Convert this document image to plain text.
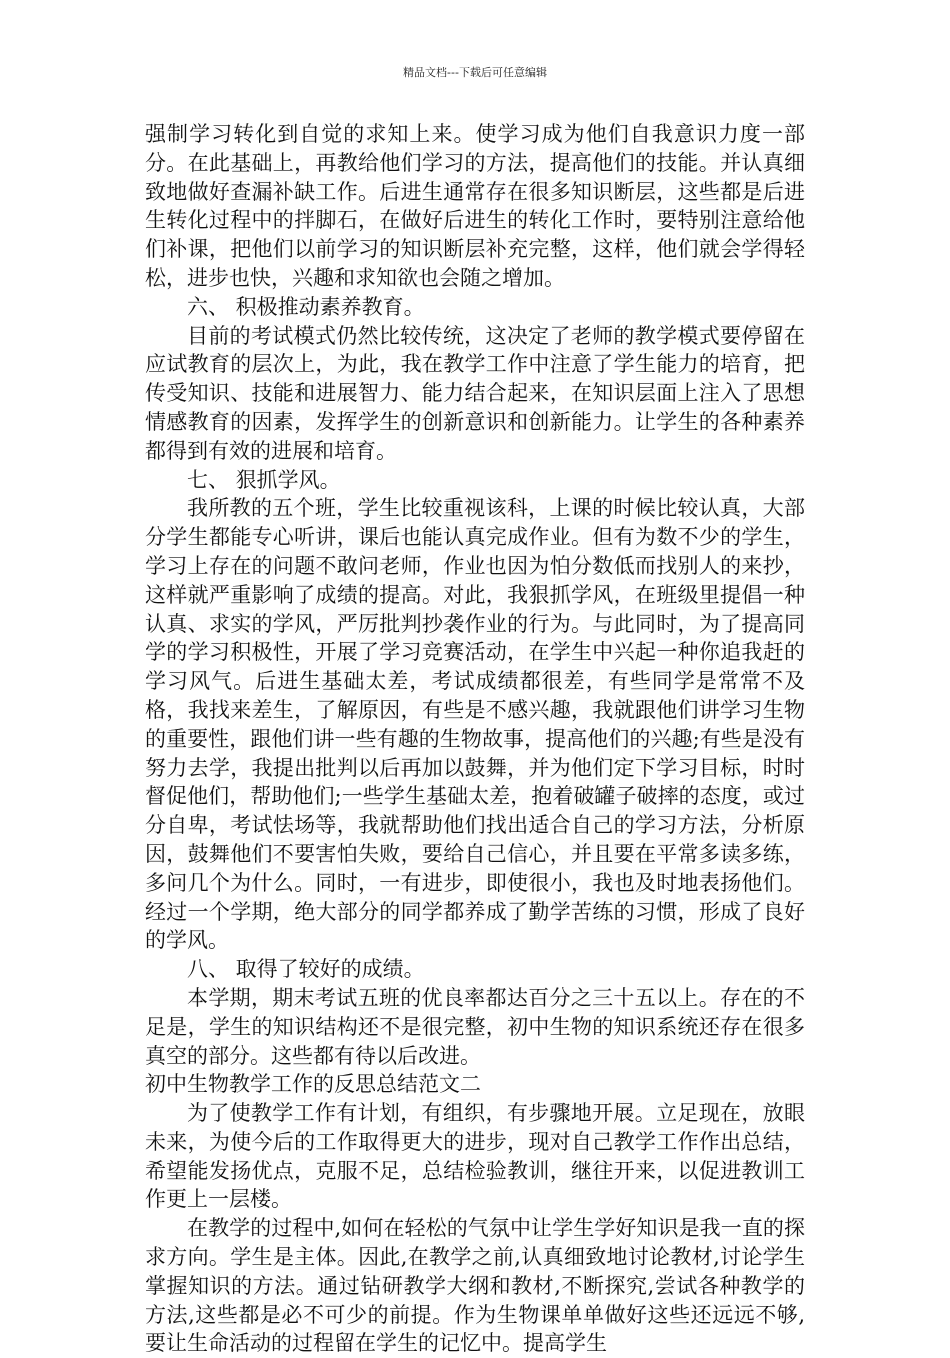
精品文档---下载后可任意编辑

强制学习转化到自觉的求知上来。使学习成为他们自我意识力度一部分。在此基础上，再教给他们学习的方法，提高他们的技能。并认真细致地做好查漏补缺工作。后进生通常存在很多知识断层，这些都是后进生转化过程中的拌脚石，在做好后进生的转化工作时，要特别注意给他们补课，把他们以前学习的知识断层补充完整，这样，他们就会学得轻松，进步也快，兴趣和求知欲也会随之增加。

六、 积极推动素养教育。

目前的考试模式仍然比较传统，这决定了老师的教学模式要停留在应试教育的层次上，为此，我在教学工作中注意了学生能力的培育，把传受知识、技能和进展智力、能力结合起来，在知识层面上注入了思想情感教育的因素，发挥学生的创新意识和创新能力。让学生的各种素养都得到有效的进展和培育。

七、 狠抓学风。

我所教的五个班，学生比较重视该科，上课的时候比较认真，大部分学生都能专心听讲，课后也能认真完成作业。但有为数不少的学生，学习上存在的问题不敢问老师，作业也因为怕分数低而找别人的来抄，这样就严重影响了成绩的提高。对此，我狠抓学风，在班级里提倡一种认真、求实的学风，严厉批判抄袭作业的行为。与此同时，为了提高同学的学习积极性，开展了学习竞赛活动，在学生中兴起一种你追我赶的学习风气。后进生基础太差，考试成绩都很差，有些同学是常常不及格，我找来差生，了解原因，有些是不感兴趣，我就跟他们讲学习生物的重要性，跟他们讲一些有趣的生物故事，提高他们的兴趣;有些是没有努力去学，我提出批判以后再加以鼓舞，并为他们定下学习目标，时时督促他们，帮助他们;一些学生基础太差，抱着破罐子破摔的态度，或过分自卑，考试怯场等，我就帮助他们找出适合自己的学习方法，分析原因，鼓舞他们不要害怕失败，要给自己信心，并且要在平常多读多练，多问几个为什么。同时，一有进步，即使很小，我也及时地表扬他们。经过一个学期，绝大部分的同学都养成了勤学苦练的习惯，形成了良好的学风。

八、 取得了较好的成绩。

本学期，期末考试五班的优良率都达百分之三十五以上。存在的不足是，学生的知识结构还不是很完整，初中生物的知识系统还存在很多真空的部分。这些都有待以后改进。

初中生物教学工作的反思总结范文二

为了使教学工作有计划，有组织，有步骤地开展。立足现在，放眼未来，为使今后的工作取得更大的进步，现对自己教学工作作出总结，希望能发扬优点，克服不足，总结检验教训，继往开来，以促进教训工作更上一层楼。

在教学的过程中,如何在轻松的气氛中让学生学好知识是我一直的探求方向。学生是主体。因此,在教学之前,认真细致地讨论教材,讨论学生掌握知识的方法。通过钻研教学大纲和教材,不断探究,尝试各种教学的方法,这些都是必不可少的前提。作为生物课单单做好这些还远远不够,要让生命活动的过程留在学生的记忆中。提高学生
